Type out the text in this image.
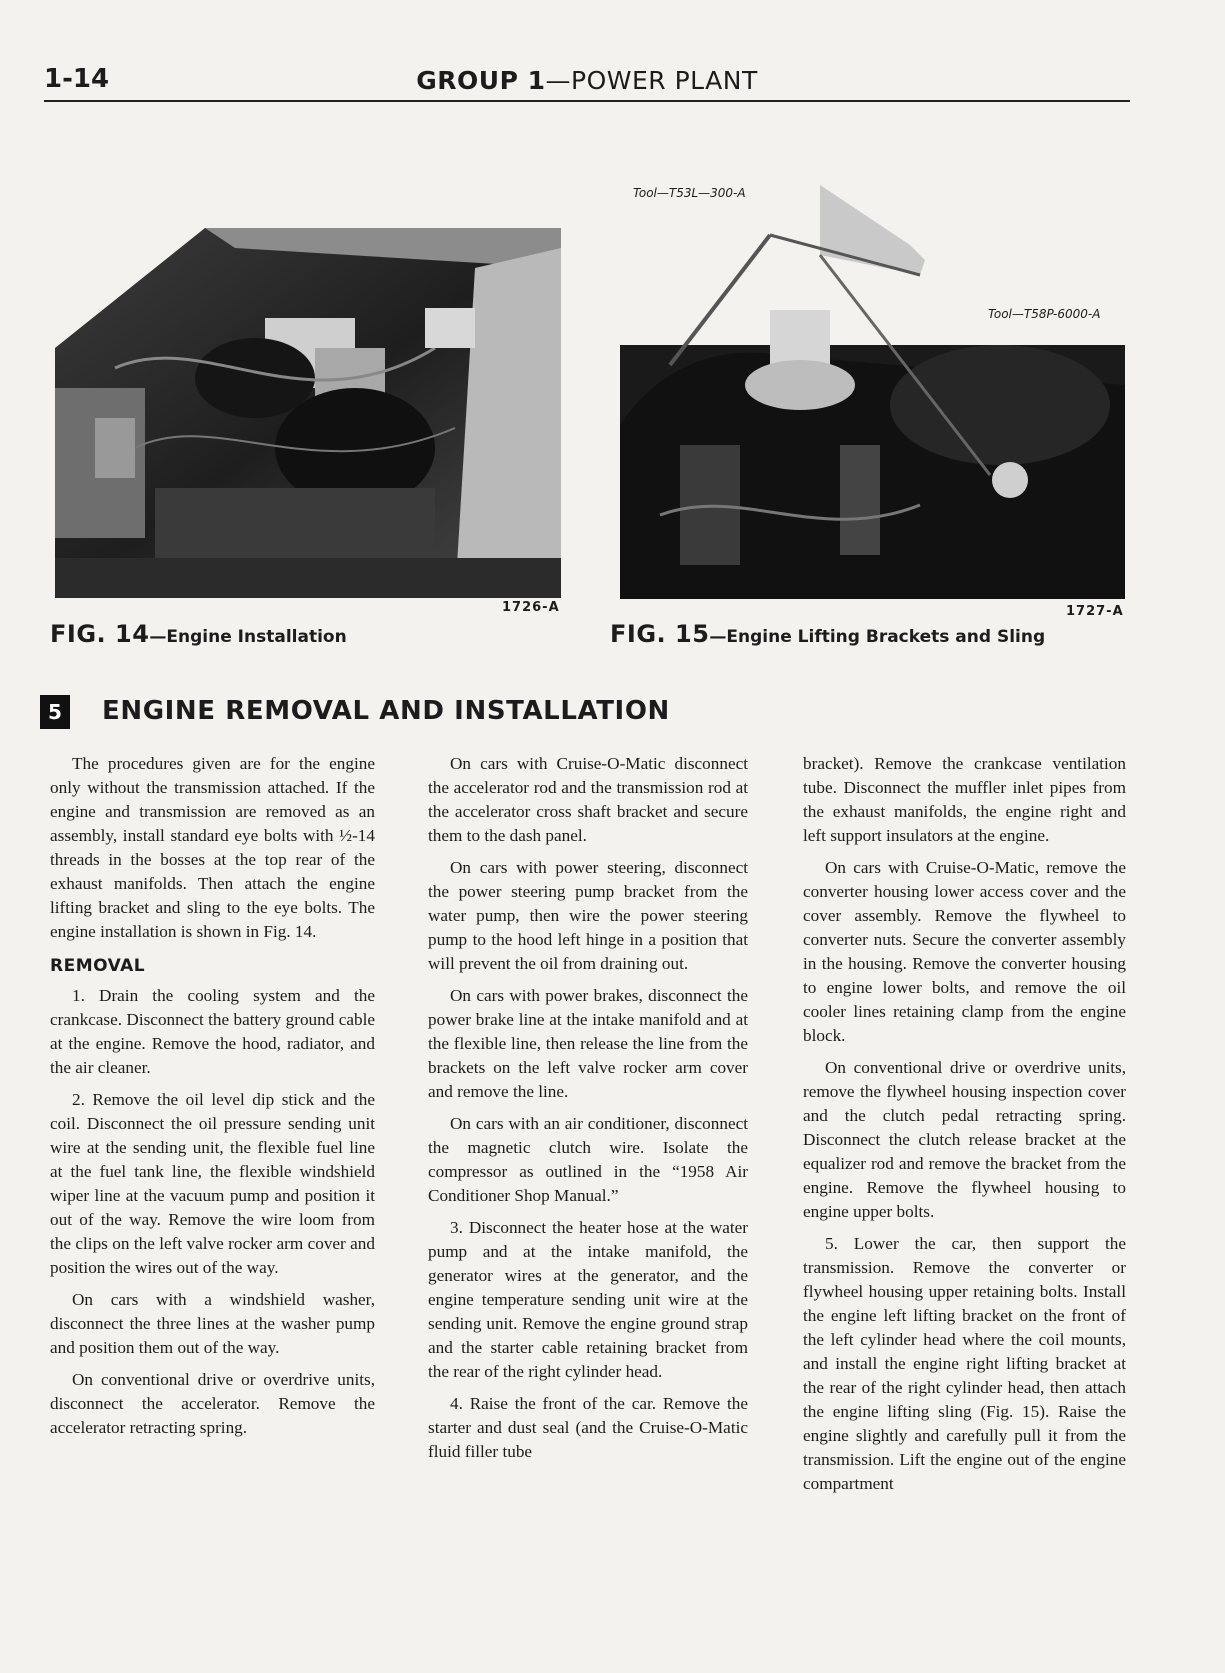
1-14	GROUP 1—POWER PLANT
1726-A
Tool—T53L—300-A
Tool—T58P-6000-A
1727-A
FIG. 14—Engine Installation	FIG. 15—Engine Lifting Brackets and Sling
5	ENGINE REMOVAL AND INSTALLATION

The procedures given are for the engine only without the transmission attached. If the engine and transmission are removed as an assembly, install standard eye bolts with ½-14 threads in the bosses at the top rear of the exhaust manifolds. Then attach the engine lifting bracket and sling to the eye bolts. The engine installation is shown in Fig. 14.

REMOVAL

1. Drain the cooling system and the crankcase. Disconnect the battery ground cable at the engine. Remove the hood, radiator, and the air cleaner.

2. Remove the oil level dip stick and the coil. Disconnect the oil pressure sending unit wire at the sending unit, the flexible fuel line at the fuel tank line, the flexible windshield wiper line at the vacuum pump and position it out of the way. Remove the wire loom from the clips on the left valve rocker arm cover and position the wires out of the way.

On cars with a windshield washer, disconnect the three lines at the washer pump and position them out of the way.

On conventional drive or overdrive units, disconnect the accelerator. Remove the accelerator retracting spring.

On cars with Cruise-O-Matic disconnect the accelerator rod and the transmission rod at the accelerator cross shaft bracket and secure them to the dash panel.

On cars with power steering, disconnect the power steering pump bracket from the water pump, then wire the power steering pump to the hood left hinge in a position that will prevent the oil from draining out.

On cars with power brakes, disconnect the power brake line at the intake manifold and at the flexible line, then release the line from the brackets on the left valve rocker arm cover and remove the line.

On cars with an air conditioner, disconnect the magnetic clutch wire. Isolate the compressor as outlined in the “1958 Air Conditioner Shop Manual.”

3. Disconnect the heater hose at the water pump and at the intake manifold, the generator wires at the generator, and the engine temperature sending unit wire at the sending unit. Remove the engine ground strap and the starter cable retaining bracket from the rear of the right cylinder head.

4. Raise the front of the car. Remove the starter and dust seal (and the Cruise-O-Matic fluid filler tube

bracket). Remove the crankcase ventilation tube. Disconnect the muffler inlet pipes from the exhaust manifolds, the engine right and left support insulators at the engine.

On cars with Cruise-O-Matic, remove the converter housing lower access cover and the cover assembly. Remove the flywheel to converter nuts. Secure the converter assembly in the housing. Remove the converter housing to engine lower bolts, and remove the oil cooler lines retaining clamp from the engine block.

On conventional drive or overdrive units, remove the flywheel housing inspection cover and the clutch pedal retracting spring. Disconnect the clutch release bracket at the equalizer rod and remove the bracket from the engine. Remove the flywheel housing to engine upper bolts.

5. Lower the car, then support the transmission. Remove the converter or flywheel housing upper retaining bolts. Install the engine left lifting bracket on the front of the left cylinder head where the coil mounts, and install the engine right lifting bracket at the rear of the right cylinder head, then attach the engine lifting sling (Fig. 15). Raise the engine slightly and carefully pull it from the transmission. Lift the engine out of the engine compartment
